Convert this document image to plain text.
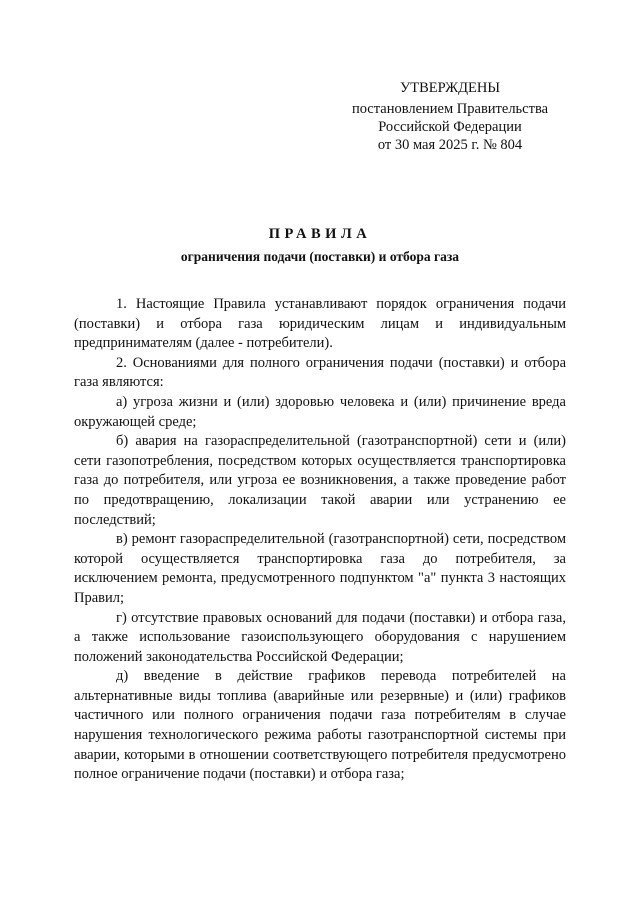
УТВЕРЖДЕНЫ
постановлением Правительства
Российской Федерации
от 30 мая 2025 г. № 804
ПРАВИЛА
ограничения подачи (поставки) и отбора газа

1. Настоящие Правила устанавливают порядок ограничения подачи (поставки) и отбора газа юридическим лицам и индивидуальным предпринимателям (далее - потребители).

2. Основаниями для полного ограничения подачи (поставки) и отбора газа являются:

а) угроза жизни и (или) здоровью человека и (или) причинение вреда окружающей среде;

б) авария на газораспределительной (газотранспортной) сети и (или) сети газопотребления, посредством которых осуществляется транспортировка газа до потребителя, или угроза ее возникновения, а также проведение работ по предотвращению, локализации такой аварии или устранению ее последствий;

в) ремонт газораспределительной (газотранспортной) сети, посредством которой осуществляется транспортировка газа до потребителя, за исключением ремонта, предусмотренного подпунктом "а" пункта 3 настоящих Правил;

г) отсутствие правовых оснований для подачи (поставки) и отбора газа, а также использование газоиспользующего оборудования с нарушением положений законодательства Российской Федерации;

д) введение в действие графиков перевода потребителей на альтернативные виды топлива (аварийные или резервные) и (или) графиков частичного или полного ограничения подачи газа потребителям в случае нарушения технологического режима работы газотранспортной системы при аварии, которыми в отношении соответствующего потребителя предусмотрено полное ограничение подачи (поставки) и отбора газа;
